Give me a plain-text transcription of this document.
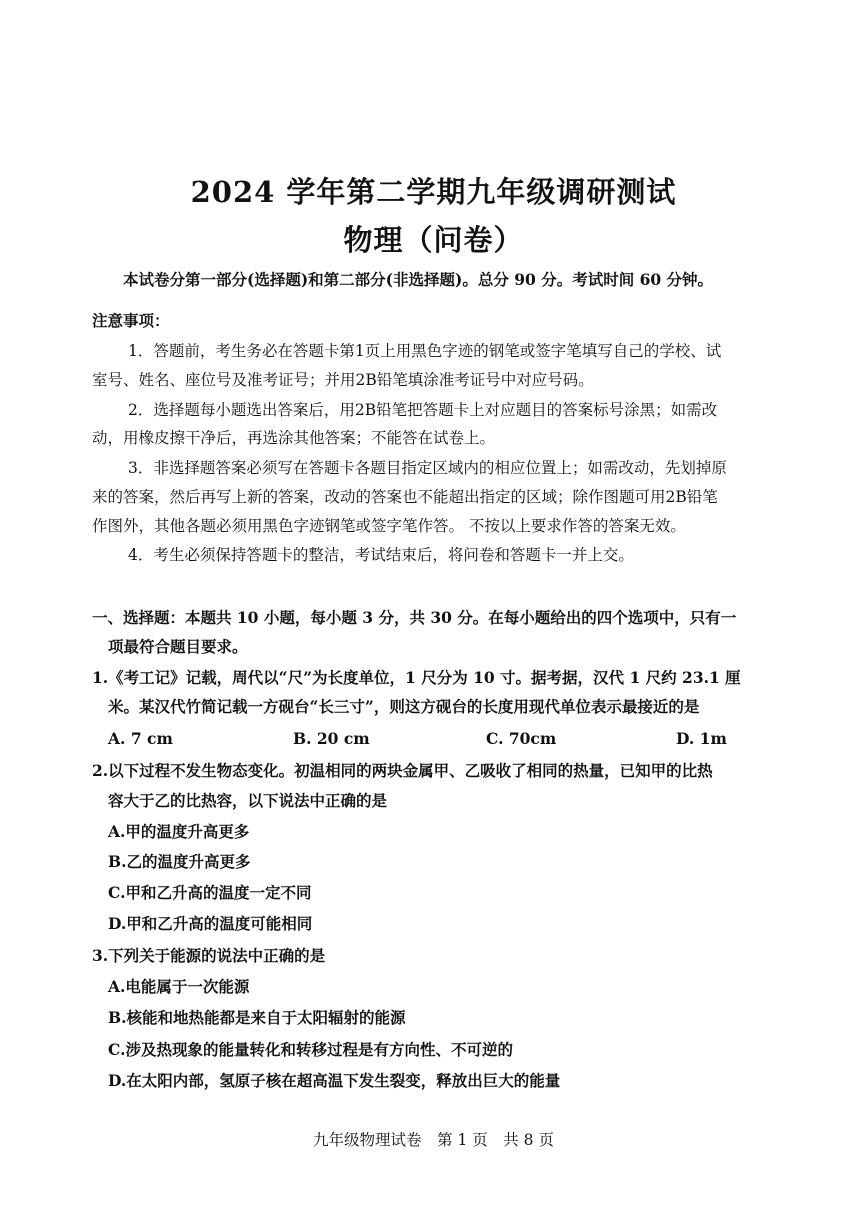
2024 学年第二学期九年级调研测试
物理（问卷）
本试卷分第一部分(选择题)和第二部分(非选择题)。总分 90 分。考试时间 60 分钟。
注意事项：
1．答题前，考生务必在答题卡第1页上用黑色字迹的钢笔或签字笔填写自己的学校、试
室号、姓名、座位号及准考证号；并用2B铅笔填涂准考证号中对应号码。
2．选择题每小题选出答案后，用2B铅笔把答题卡上对应题目的答案标号涂黑；如需改
动，用橡皮擦干净后，再选涂其他答案；不能答在试卷上。
3．非选择题答案必须写在答题卡各题目指定区域内的相应位置上；如需改动，先划掉原
来的答案，然后再写上新的答案，改动的答案也不能超出指定的区域；除作图题可用2B铅笔
作图外，其他各题必须用黑色字迹钢笔或签字笔作答。 不按以上要求作答的答案无效。
4．考生必须保持答题卡的整洁，考试结束后，将问卷和答题卡一并上交。
一、选择题：本题共 10 小题，每小题 3 分，共 30 分。在每小题给出的四个选项中，只有一
项最符合题目要求。
1.《考工记》记载，周代以“尺”为长度单位，1 尺分为 10 寸。据考据，汉代 1 尺约 23.1 厘
米。某汉代竹简记载一方砚台“长三寸”，则这方砚台的长度用现代单位表示最接近的是
A. 7 cm	B. 20 cm	C. 70cm	D. 1m
2.以下过程不发生物态变化。初温相同的两块金属甲、乙吸收了相同的热量，已知甲的比热
容大于乙的比热容，以下说法中正确的是
A.甲的温度升高更多
B.乙的温度升高更多
C.甲和乙升高的温度一定不同
D.甲和乙升高的温度可能相同
3.下列关于能源的说法中正确的是
A.电能属于一次能源
B.核能和地热能都是来自于太阳辐射的能源
C.涉及热现象的能量转化和转移过程是有方向性、不可逆的
D.在太阳内部，氢原子核在超高温下发生裂变，释放出巨大的能量
九年级物理试卷　第 1 页　共 8 页
